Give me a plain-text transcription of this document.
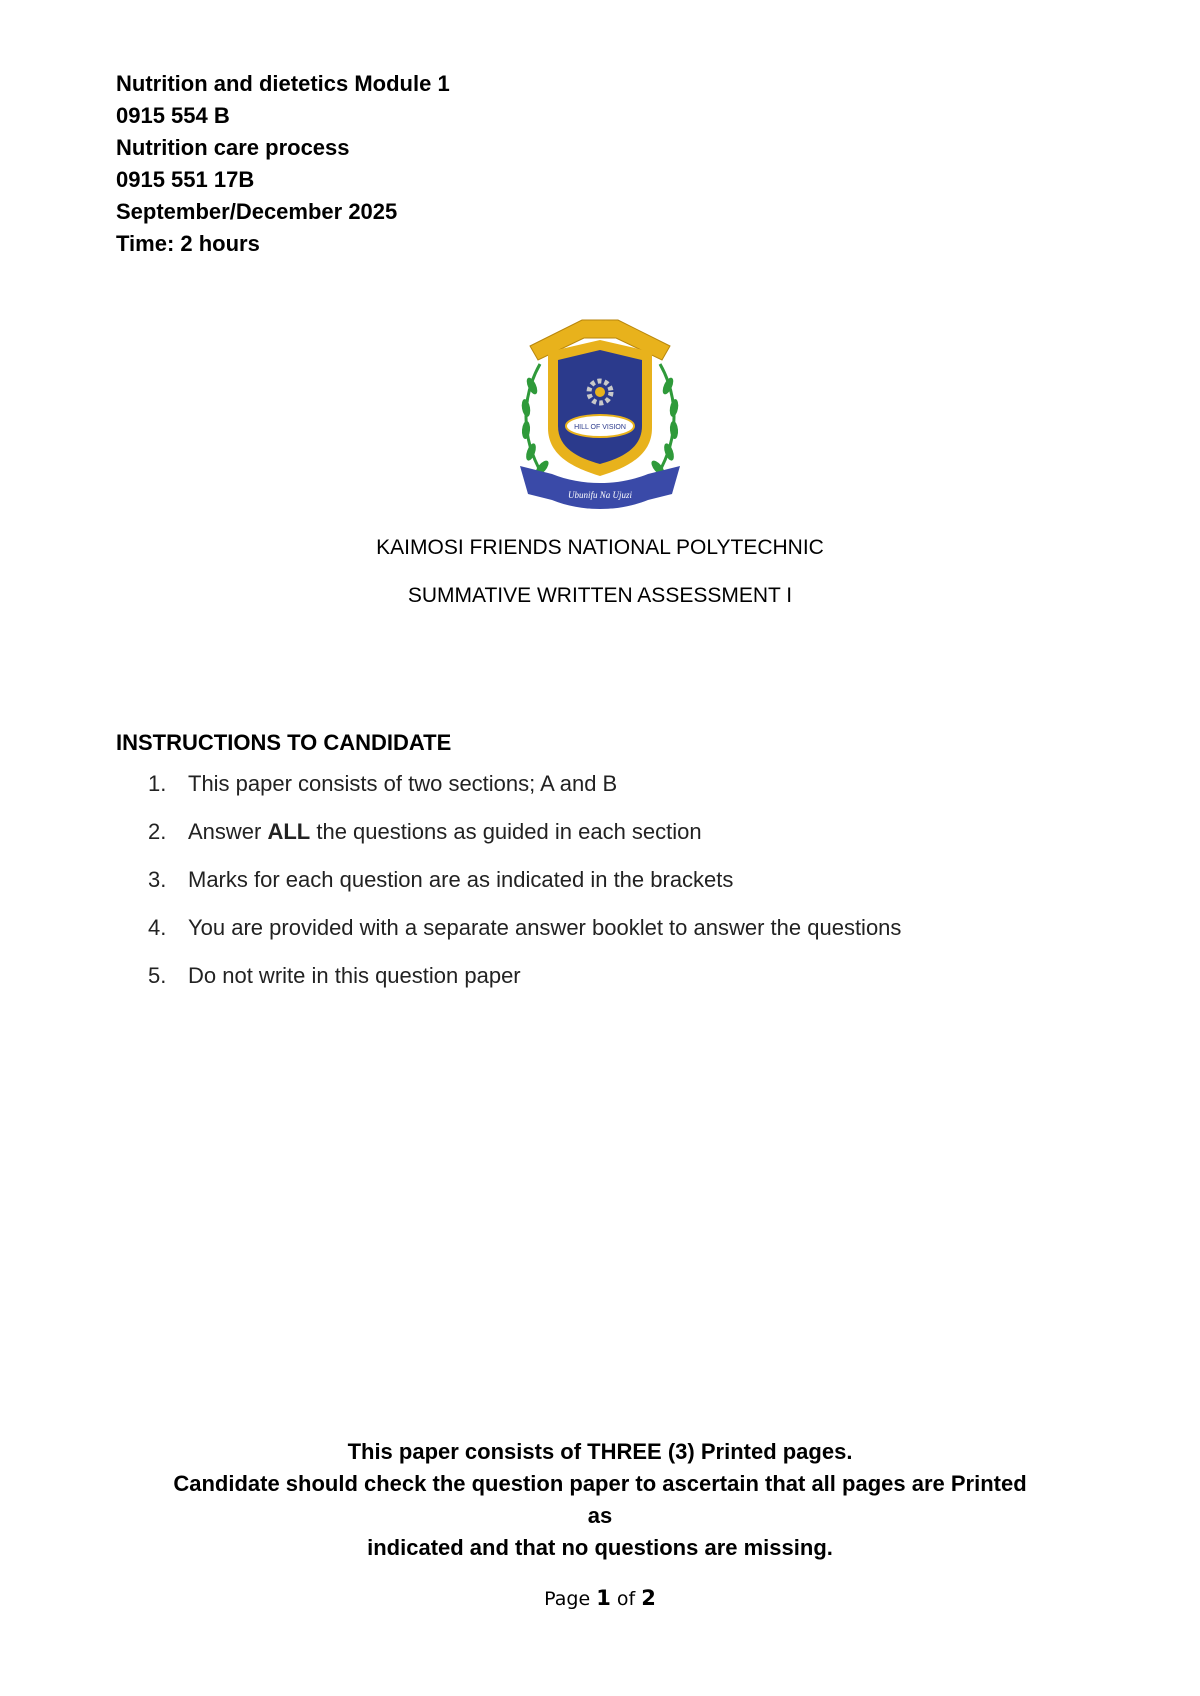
Nutrition and dietetics Module 1
0915 554 B
Nutrition care process
0915 551 17B
September/December 2025
Time: 2 hours
HILL OF VISION
Ubunifu Na Ujuzi
KAIMOSI FRIENDS NATIONAL POLYTECHNIC
SUMMATIVE WRITTEN ASSESSMENT I
INSTRUCTIONS TO CANDIDATE
1. This paper consists of two sections; A and B
2. Answer ALL the questions as guided in each section
3. Marks for each question are as indicated in the brackets
4. You are provided with a separate answer booklet to answer the questions
5. Do not write in this question paper
This paper consists of THREE (3) Printed pages.
Candidate should check the question paper to ascertain that all pages are Printed
as
indicated and that no questions are missing.
Page 1 of 2
